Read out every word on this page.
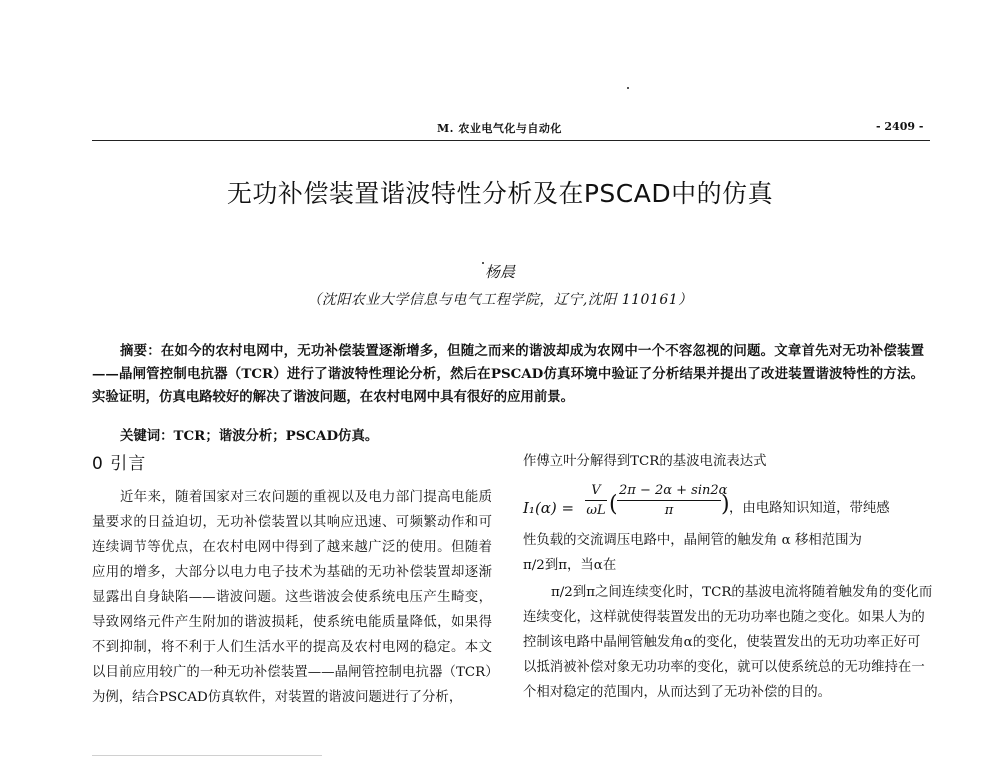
M. 农业电气化与自动化	- 2409 -
无功补偿装置谐波特性分析及在PSCAD中的仿真
杨晨
（沈阳农业大学信息与电气工程学院，辽宁,沈阳 110161）
摘要：在如今的农村电网中，无功补偿装置逐渐增多，但随之而来的谐波却成为农网中一个不容忽视的问题。文章首先对无功补偿装置——晶闸管控制电抗器（TCR）进行了谐波特性理论分析，然后在PSCAD仿真环境中验证了分析结果并提出了改进装置谐波特性的方法。实验证明，仿真电路较好的解决了谐波问题，在农村电网中具有很好的应用前景。
关键词：TCR；谐波分析；PSCAD仿真。
0 引言
近年来，随着国家对三农问题的重视以及电力部门提高电能质量要求的日益迫切，无功补偿装置以其响应迅速、可频繁动作和可连续调节等优点，在农村电网中得到了越来越广泛的使用。但随着应用的增多，大部分以电力电子技术为基础的无功补偿装置却逐渐显露出自身缺陷——谐波问题。这些谐波会使系统电压产生畸变，导致网络元件产生附加的谐波损耗，使系统电能质量降低，如果得不到抑制，将不利于人们生活水平的提高及农村电网的稳定。本文以目前应用较广的一种无功补偿装置——晶闸管控制电抗器（TCR）为例，结合PSCAD仿真软件，对装置的谐波问题进行了分析，
作傅立叶分解得到TCR的基波电流表达式
$I_1(\alpha) = \frac{V}{\omega L}$ ( $\frac{2\pi - 2\alpha + \sin 2\alpha}{\pi}$ ) ，由电路知识知道，带纯感
性负载的交流调压电路中，晶闸管的触发角 α 移相范围为
π/2到π，当α在
π/2到π之间连续变化时，TCR的基波电流将随着触发角的变化而连续变化，这样就使得装置发出的无功功率也随之变化。如果人为的控制该电路中晶闸管触发角α的变化，使装置发出的无功功率正好可以抵消被补偿对象无功功率的变化，就可以使系统总的无功维持在一个相对稳定的范围内，从而达到了无功补偿的目的。
